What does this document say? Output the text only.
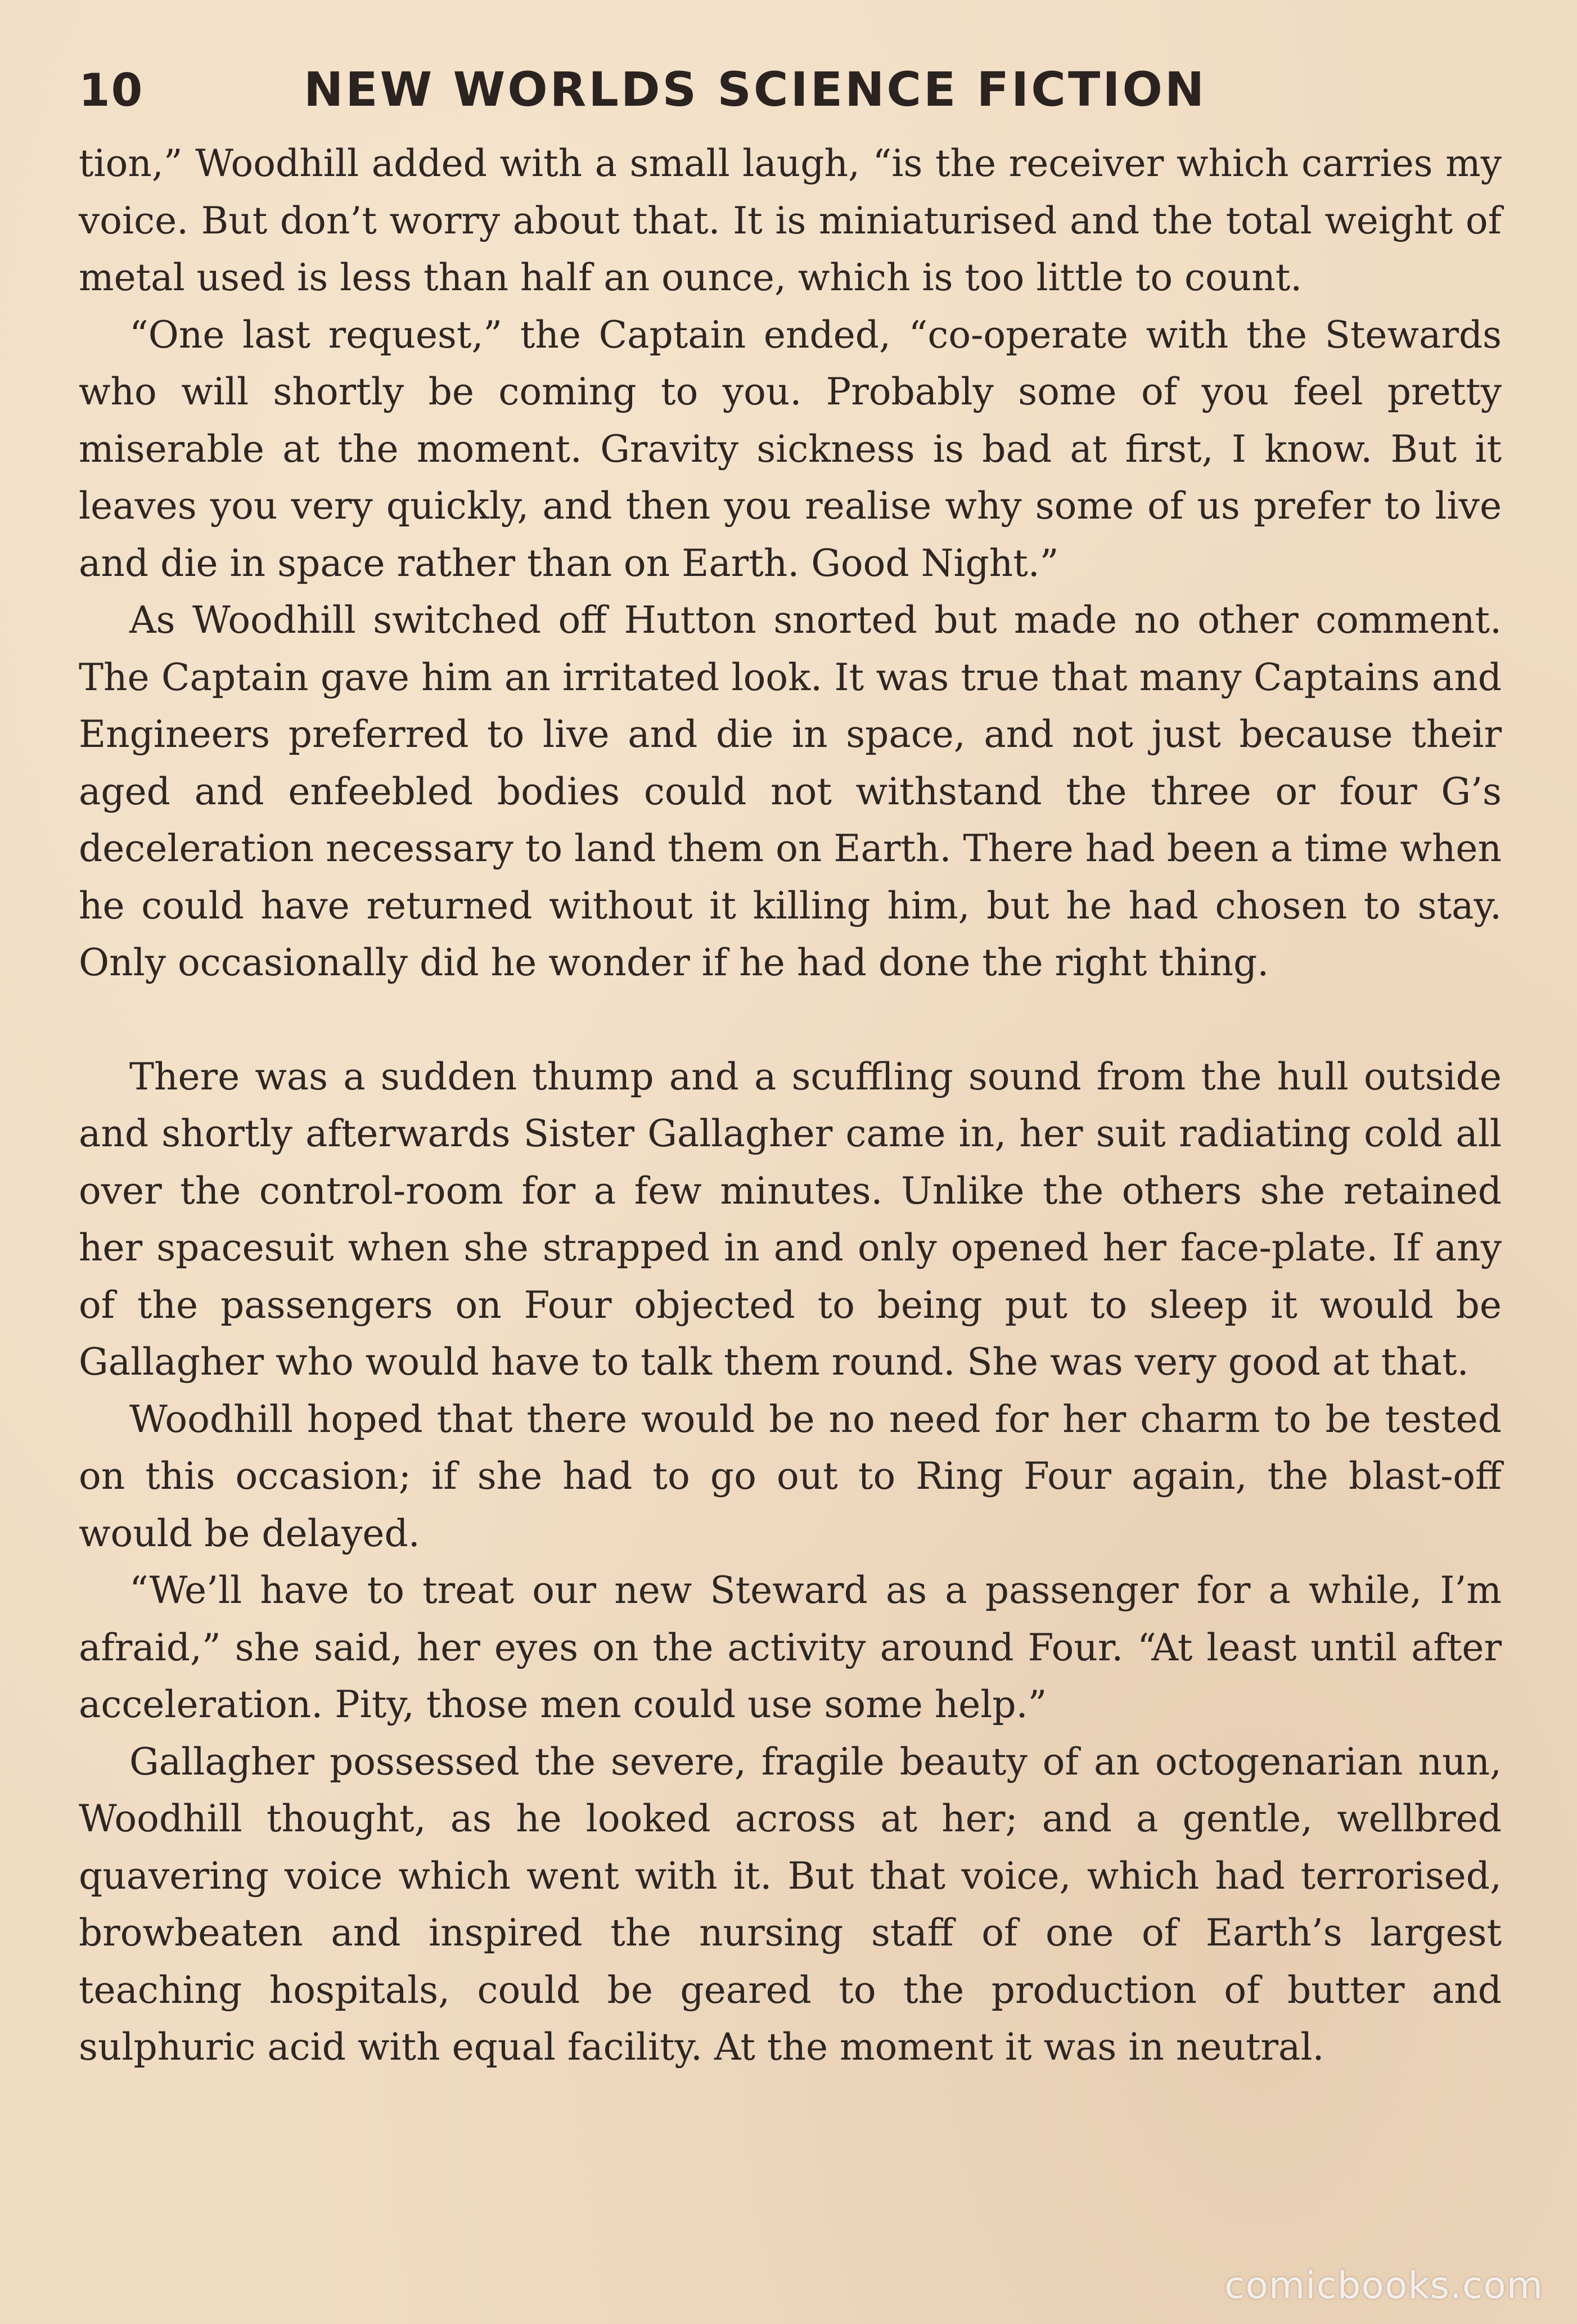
10	NEW WORLDS SCIENCE FICTION

tion,” Woodhill added with a small laugh, “is the receiver which carries my voice. But don’t worry about that. It is miniaturised and the total weight of metal used is less than half an ounce, which is too little to count.

“One last request,” the Captain ended, “co-operate with the Stewards who will shortly be coming to you. Probably some of you feel pretty miserable at the moment. Gravity sickness is bad at first, I know. But it leaves you very quickly, and then you realise why some of us prefer to live and die in space rather than on Earth. Good Night.”

As Woodhill switched off Hutton snorted but made no other comment. The Captain gave him an irritated look. It was true that many Captains and Engineers preferred to live and die in space, and not just because their aged and enfeebled bodies could not withstand the three or four G’s deceleration necessary to land them on Earth. There had been a time when he could have returned without it killing him, but he had chosen to stay. Only occasionally did he wonder if he had done the right thing.

There was a sudden thump and a scuffling sound from the hull outside and shortly afterwards Sister Gallagher came in, her suit radiating cold all over the control-room for a few minutes. Unlike the others she retained her spacesuit when she strapped in and only opened her face-plate. If any of the passengers on Four objected to being put to sleep it would be Gallagher who would have to talk them round. She was very good at that.

Woodhill hoped that there would be no need for her charm to be tested on this occasion; if she had to go out to Ring Four again, the blast-off would be delayed.

“We’ll have to treat our new Steward as a passenger for a while, I’m afraid,” she said, her eyes on the activity around Four. “At least until after acceleration. Pity, those men could use some help.”

Gallagher possessed the severe, fragile beauty of an octogenarian nun, Woodhill thought, as he looked across at her; and a gentle, wellbred quavering voice which went with it. But that voice, which had terrorised, browbeaten and inspired the nursing staff of one of Earth’s largest teaching hospitals, could be geared to the production of butter and sulphuric acid with equal facility. At the moment it was in neutral.

comicbooks.com
